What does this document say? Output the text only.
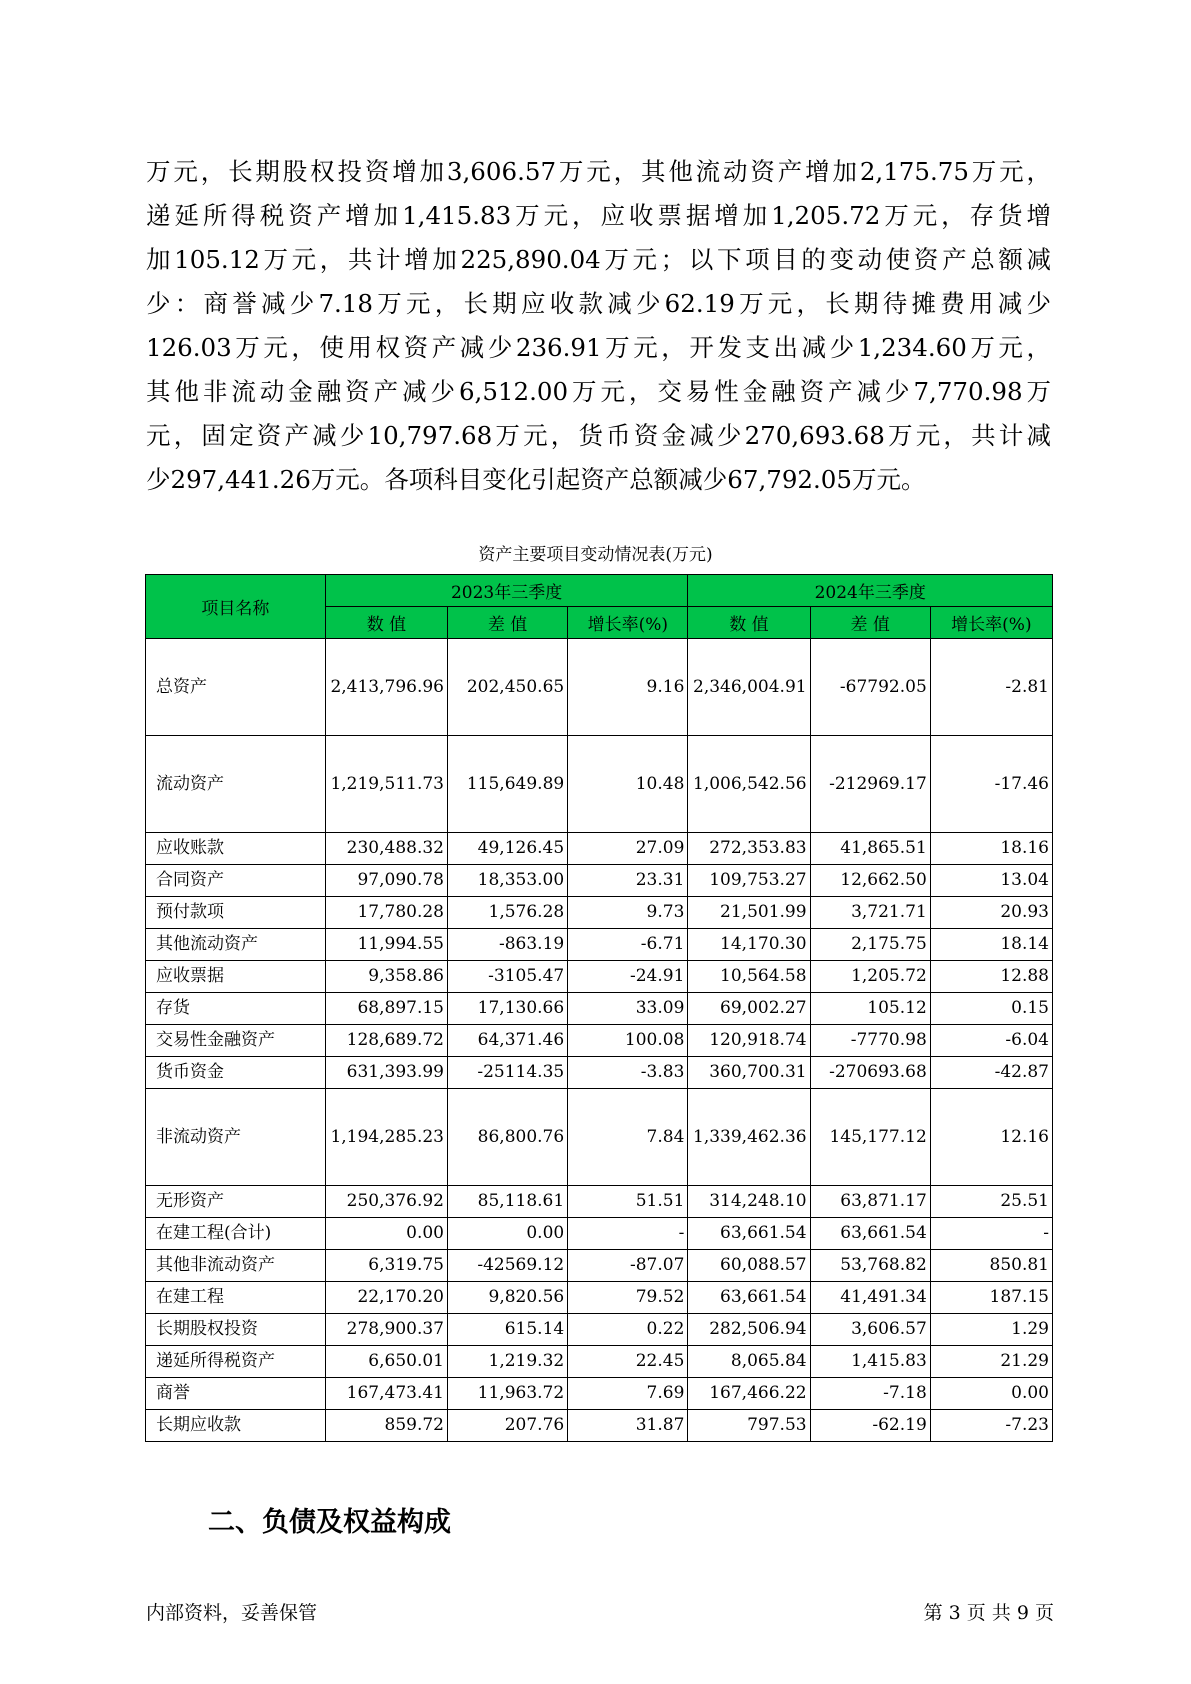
万元，长期股权投资增加3,606.57万元，其他流动资产增加2,175.75万元，
递延所得税资产增加1,415.83万元，应收票据增加1,205.72万元，存货增
加105.12万元，共计增加225,890.04万元；以下项目的变动使资产总额减
少：商誉减少7.18万元，长期应收款减少62.19万元，长期待摊费用减少
126.03万元，使用权资产减少236.91万元，开发支出减少1,234.60万元，
其他非流动金融资产减少6,512.00万元，交易性金融资产减少7,770.98万
元，固定资产减少10,797.68万元，货币资金减少270,693.68万元，共计减
少297,441.26万元。各项科目变化引起资产总额减少67,792.05万元。
资产主要项目变动情况表(万元)
项目名称	2023年三季度			2024年三季度		
	数 值	差 值	增长率(%)	数 值	差 值	增长率(%)
总资产	2,413,796.96	202,450.65	9.16	2,346,004.91	-67792.05	-2.81
流动资产	1,219,511.73	115,649.89	10.48	1,006,542.56	-212969.17	-17.46
应收账款	230,488.32	49,126.45	27.09	272,353.83	41,865.51	18.16
合同资产	97,090.78	18,353.00	23.31	109,753.27	12,662.50	13.04
预付款项	17,780.28	1,576.28	9.73	21,501.99	3,721.71	20.93
其他流动资产	11,994.55	-863.19	-6.71	14,170.30	2,175.75	18.14
应收票据	9,358.86	-3105.47	-24.91	10,564.58	1,205.72	12.88
存货	68,897.15	17,130.66	33.09	69,002.27	105.12	0.15
交易性金融资产	128,689.72	64,371.46	100.08	120,918.74	-7770.98	-6.04
货币资金	631,393.99	-25114.35	-3.83	360,700.31	-270693.68	-42.87
非流动资产	1,194,285.23	86,800.76	7.84	1,339,462.36	145,177.12	12.16
无形资产	250,376.92	85,118.61	51.51	314,248.10	63,871.17	25.51
在建工程(合计)	0.00	0.00	-	63,661.54	63,661.54	-
其他非流动资产	6,319.75	-42569.12	-87.07	60,088.57	53,768.82	850.81
在建工程	22,170.20	9,820.56	79.52	63,661.54	41,491.34	187.15
长期股权投资	278,900.37	615.14	0.22	282,506.94	3,606.57	1.29
递延所得税资产	6,650.01	1,219.32	22.45	8,065.84	1,415.83	21.29
商誉	167,473.41	11,963.72	7.69	167,466.22	-7.18	0.00
长期应收款	859.72	207.76	31.87	797.53	-62.19	-7.23
二、负债及权益构成
内部资料，妥善保管	第 3 页 共 9 页
